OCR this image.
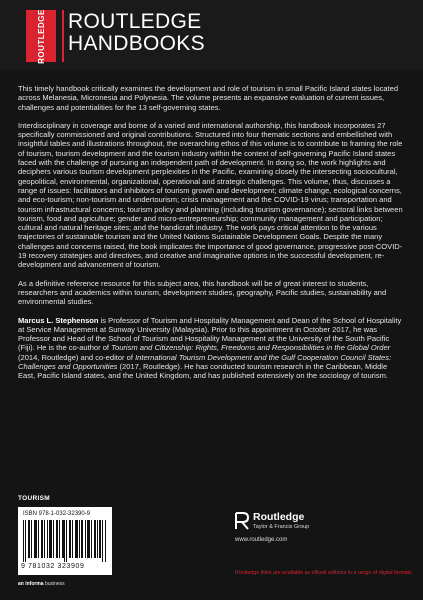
ROUTLEDGE ROUTLEDGE
HANDBOOKS

This timely handbook critically examines the development and role of tourism in small Pacific Island states located across Melanesia, Micronesia and Polynesia. The volume presents an expansive evaluation of current issues, challenges and potentialities for the 13 self-governing states.

Interdisciplinary in coverage and borne of a varied and international authorship, this handbook incorporates 27 specifically commissioned and original contributions. Structured into four thematic sections and embellished with insightful tables and illustrations throughout, the overarching ethos of this volume is to contribute to framing the role of tourism, tourism development and the tourism industry within the context of self-governing Pacific Island states faced with the challenge of pursuing an independent path of development. In doing so, the work highlights and deciphers various tourism development perplexities in the Pacific, examining closely the intersecting sociocultural, geopolitical, environmental, organizational, operational and strategic challenges. This volume, thus, discusses a range of issues: facilitators and inhibitors of tourism growth and development; climate change, ecological concerns, and eco-tourism; non-tourism and undertourism; crisis management and the COVID-19 virus; transportation and tourism infrastructural concerns; tourism policy and planning (including tourism governance); sectoral links between tourism, food and agriculture; gender and micro-entrepreneurship; community management and participation; cultural and natural heritage sites; and the handicraft industry. The work pays critical attention to the various trajectories of sustainable tourism and the United Nations Sustainable Development Goals. Despite the many challenges and concerns raised, the book implicates the importance of good governance, progressive post-COVID-19 recovery strategies and directives, and creative and imaginative options in the successful development, re-development and advancement of tourism.

As a definitive reference resource for this subject area, this handbook will be of great interest to students, researchers and academics within tourism, development studies, geography, Pacific studies, sustainability and environmental studies.

Marcus L. Stephenson is Professor of Tourism and Hospitality Management and Dean of the School of Hospitality at Service Management at Sunway University (Malaysia). Prior to this appointment in October 2017, he was Professor and Head of the School of Tourism and Hospitality Management at the University of the South Pacific (Fiji). He is the co-author of Tourism and Citizenship: Rights, Freedoms and Responsibilities in the Global Order (2014, Routledge) and co-editor of International Tourism Development and the Gulf Cooperation Council States: Challenges and Opportunities (2017, Routledge). He has conducted tourism research in the Caribbean, Middle East, Pacific Island states, and the United Kingdom, and has published extensively on the sociology of tourism.

TOURISM
ISBN 978-1-032-32390-9
9 781032 323909
Routledge
Taylor & Francis Group
www.routledge.com
Routledge titles are available as eBook editions in a range of digital formats
an informa business
